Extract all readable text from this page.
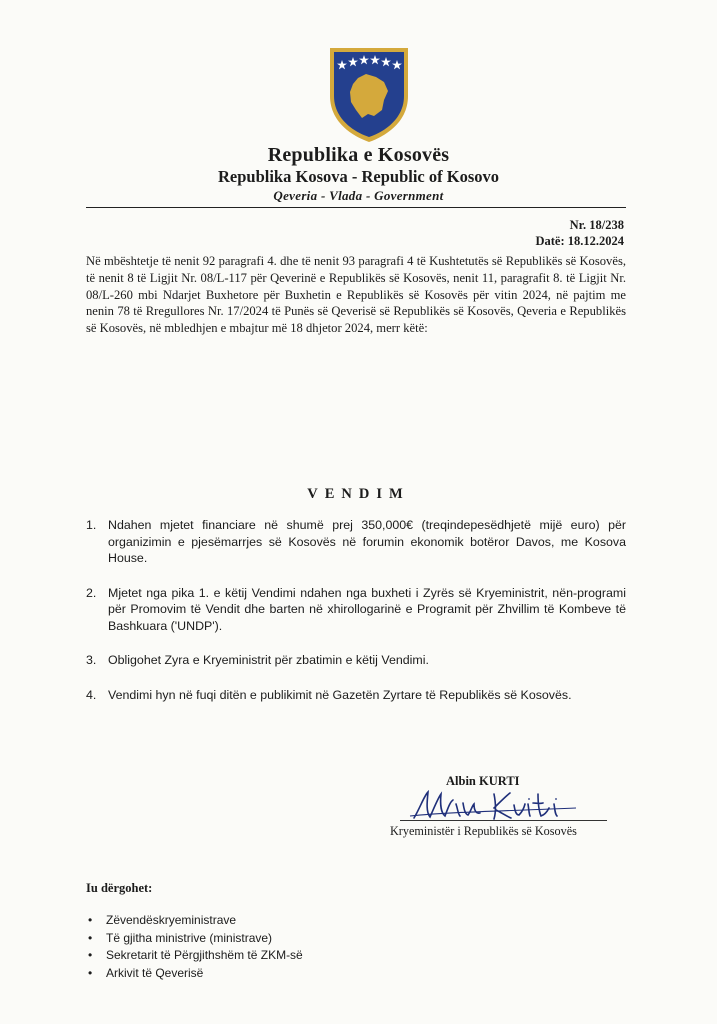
Republika e Kosovës
Republika Kosova - Republic of Kosovo
Qeveria - Vlada - Government
Nr. 18/238
Datë: 18.12.2024
Në mbështetje të nenit 92 paragrafi 4. dhe të nenit 93 paragrafi 4 të Kushtetutës së Republikës së Kosovës, të nenit 8 të Ligjit Nr. 08/L-117 për Qeverinë e Republikës së Kosovës, nenit 11, paragrafit 8. të Ligjit Nr. 08/L-260 mbi Ndarjet Buxhetore për Buxhetin e Republikës së Kosovës për vitin 2024, në pajtim me nenin 78 të Rregullores Nr. 17/2024 të Punës së Qeverisë së Republikës së Kosovës, Qeveria e Republikës së Kosovës, në mbledhjen e mbajtur më 18 dhjetor 2024, merr këtë:
VENDIM
1. Ndahen mjetet financiare në shumë prej 350,000€ (treqindepesëdhjetë mijë euro) për organizimin e pjesëmarrjes së Kosovës në forumin ekonomik botëror Davos, me Kosova House.
2. Mjetet nga pika 1. e këtij Vendimi ndahen nga buxheti i Zyrës së Kryeministrit, nën-programi për Promovim të Vendit dhe barten në xhirollogarinë e Programit për Zhvillim të Kombeve të Bashkuara ('UNDP').
3. Obligohet Zyra e Kryeministrit për zbatimin e këtij Vendimi.
4. Vendimi hyn në fuqi ditën e publikimit në Gazetën Zyrtare të Republikës së Kosovës.
Albin KURTI
Kryeministër i Republikës së Kosovës
Iu dërgohet:
• Zëvendëskryeministrave
• Të gjitha ministrive (ministrave)
• Sekretarit të Përgjithshëm të ZKM-së
• Arkivit të Qeverisë
